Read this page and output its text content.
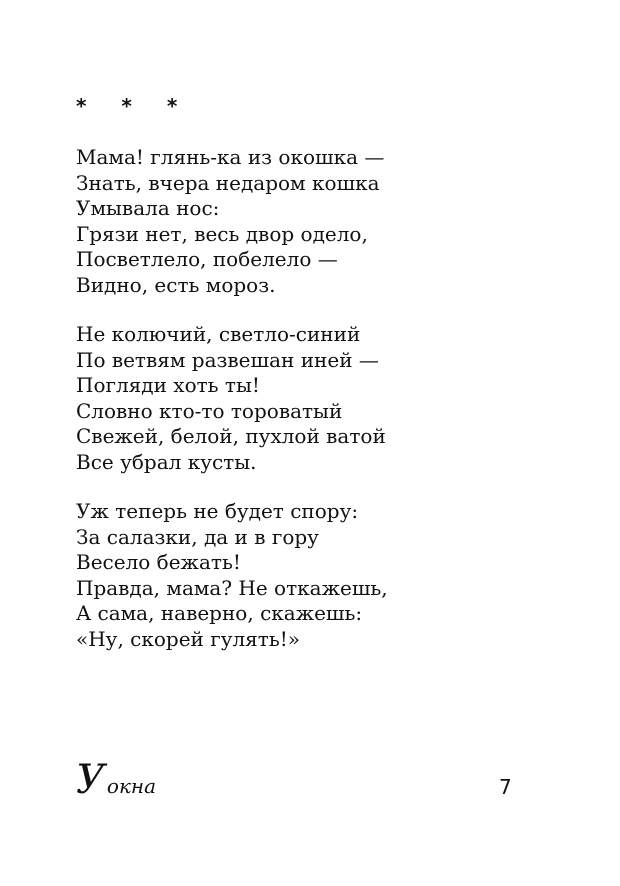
* * *
Мама! глянь-ка из окошка —
Знать, вчера недаром кошка
Умывала нос:
Грязи нет, весь двор одело,
Посветлело, побелело —
Видно, есть мороз.
Не колючий, светло-синий
По ветвям развешан иней —
Погляди хоть ты!
Словно кто-то тороватый
Свежей, белой, пухлой ватой
Все убрал кусты.
Уж теперь не будет спору:
За салазки, да и в гору
Весело бежать!
Правда, мама? Не откажешь,
А сама, наверно, скажешь:
«Ну, скорей гулять!»
Уокна	7
